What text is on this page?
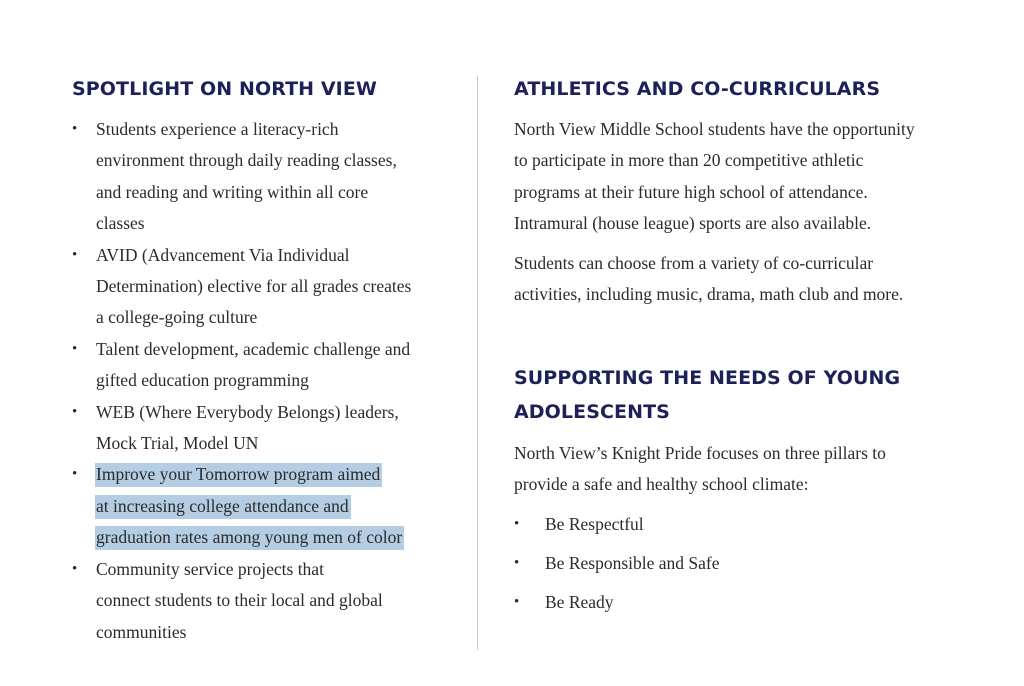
SPOTLIGHT ON NORTH VIEW
• Students experience a literacy-rich
environment through daily reading classes,
and reading and writing within all core
classes
• AVID (Advancement Via Individual
Determination) elective for all grades creates
a college-going culture
• Talent development, academic challenge and
gifted education programming
• WEB (Where Everybody Belongs) leaders,
Mock Trial, Model UN
• Improve your Tomorrow program aimed
at increasing college attendance and
graduation rates among young men of color
• Community service projects that
connect students to their local and global
communities
ATHLETICS AND CO-CURRICULARS

North View Middle School students have the opportunity
to participate in more than 20 competitive athletic
programs at their future high school of attendance.
Intramural (house league) sports are also available.

Students can choose from a variety of co-curricular
activities, including music, drama, math club and more.

SUPPORTING THE NEEDS OF YOUNG
ADOLESCENTS

North View’s Knight Pride focuses on three pillars to
provide a safe and healthy school climate:

• Be Respectful
• Be Responsible and Safe
• Be Ready
